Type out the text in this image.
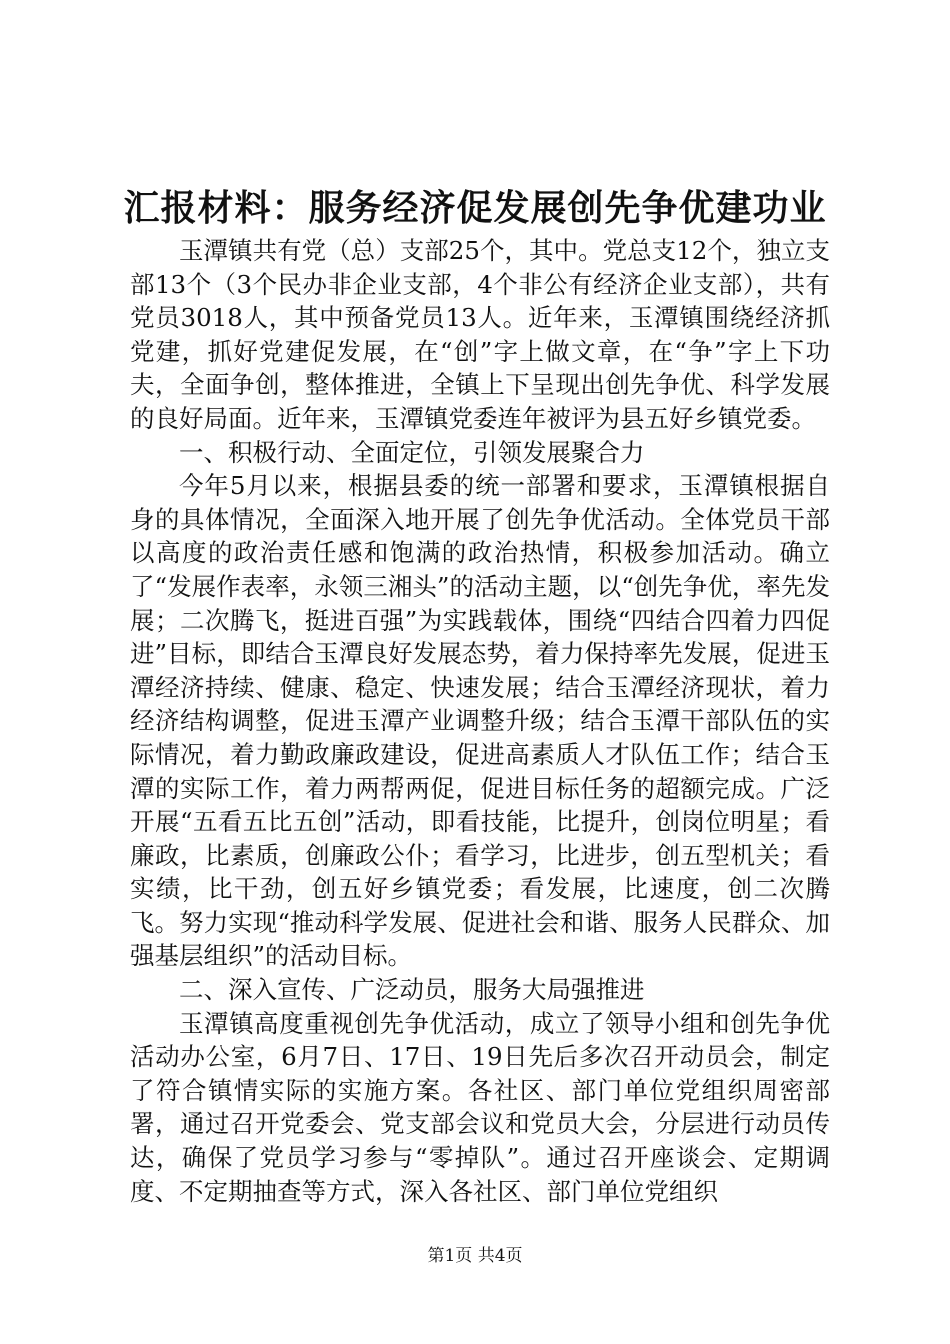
汇报材料：服务经济促发展创先争优建功业

玉潭镇共有党（总）支部25个，其中。党总支12个，独立支部13个（3个民办非企业支部，4个非公有经济企业支部），共有党员3018人，其中预备党员13人。近年来，玉潭镇围绕经济抓党建，抓好党建促发展，在“创”字上做文章，在“争”字上下功夫，全面争创，整体推进，全镇上下呈现出创先争优、科学发展的良好局面。近年来，玉潭镇党委连年被评为县五好乡镇党委。

一、积极行动、全面定位，引领发展聚合力

今年5月以来，根据县委的统一部署和要求，玉潭镇根据自身的具体情况，全面深入地开展了创先争优活动。全体党员干部以高度的政治责任感和饱满的政治热情，积极参加活动。确立了“发展作表率，永领三湘头”的活动主题，以“创先争优，率先发展；二次腾飞，挺进百强”为实践载体，围绕“四结合四着力四促进”目标，即结合玉潭良好发展态势，着力保持率先发展，促进玉潭经济持续、健康、稳定、快速发展；结合玉潭经济现状，着力经济结构调整，促进玉潭产业调整升级；结合玉潭干部队伍的实际情况，着力勤政廉政建设，促进高素质人才队伍工作；结合玉潭的实际工作，着力两帮两促，促进目标任务的超额完成。广泛开展“五看五比五创”活动，即看技能，比提升，创岗位明星；看廉政，比素质，创廉政公仆；看学习，比进步，创五型机关；看实绩，比干劲，创五好乡镇党委；看发展，比速度，创二次腾飞。努力实现“推动科学发展、促进社会和谐、服务人民群众、加强基层组织”的活动目标。

二、深入宣传、广泛动员，服务大局强推进

玉潭镇高度重视创先争优活动，成立了领导小组和创先争优活动办公室，6月7日、17日、19日先后多次召开动员会，制定了符合镇情实际的实施方案。各社区、部门单位党组织周密部署，通过召开党委会、党支部会议和党员大会，分层进行动员传达，确保了党员学习参与“零掉队”。通过召开座谈会、定期调度、不定期抽查等方式，深入各社区、部门单位党组织

第1页 共4页
